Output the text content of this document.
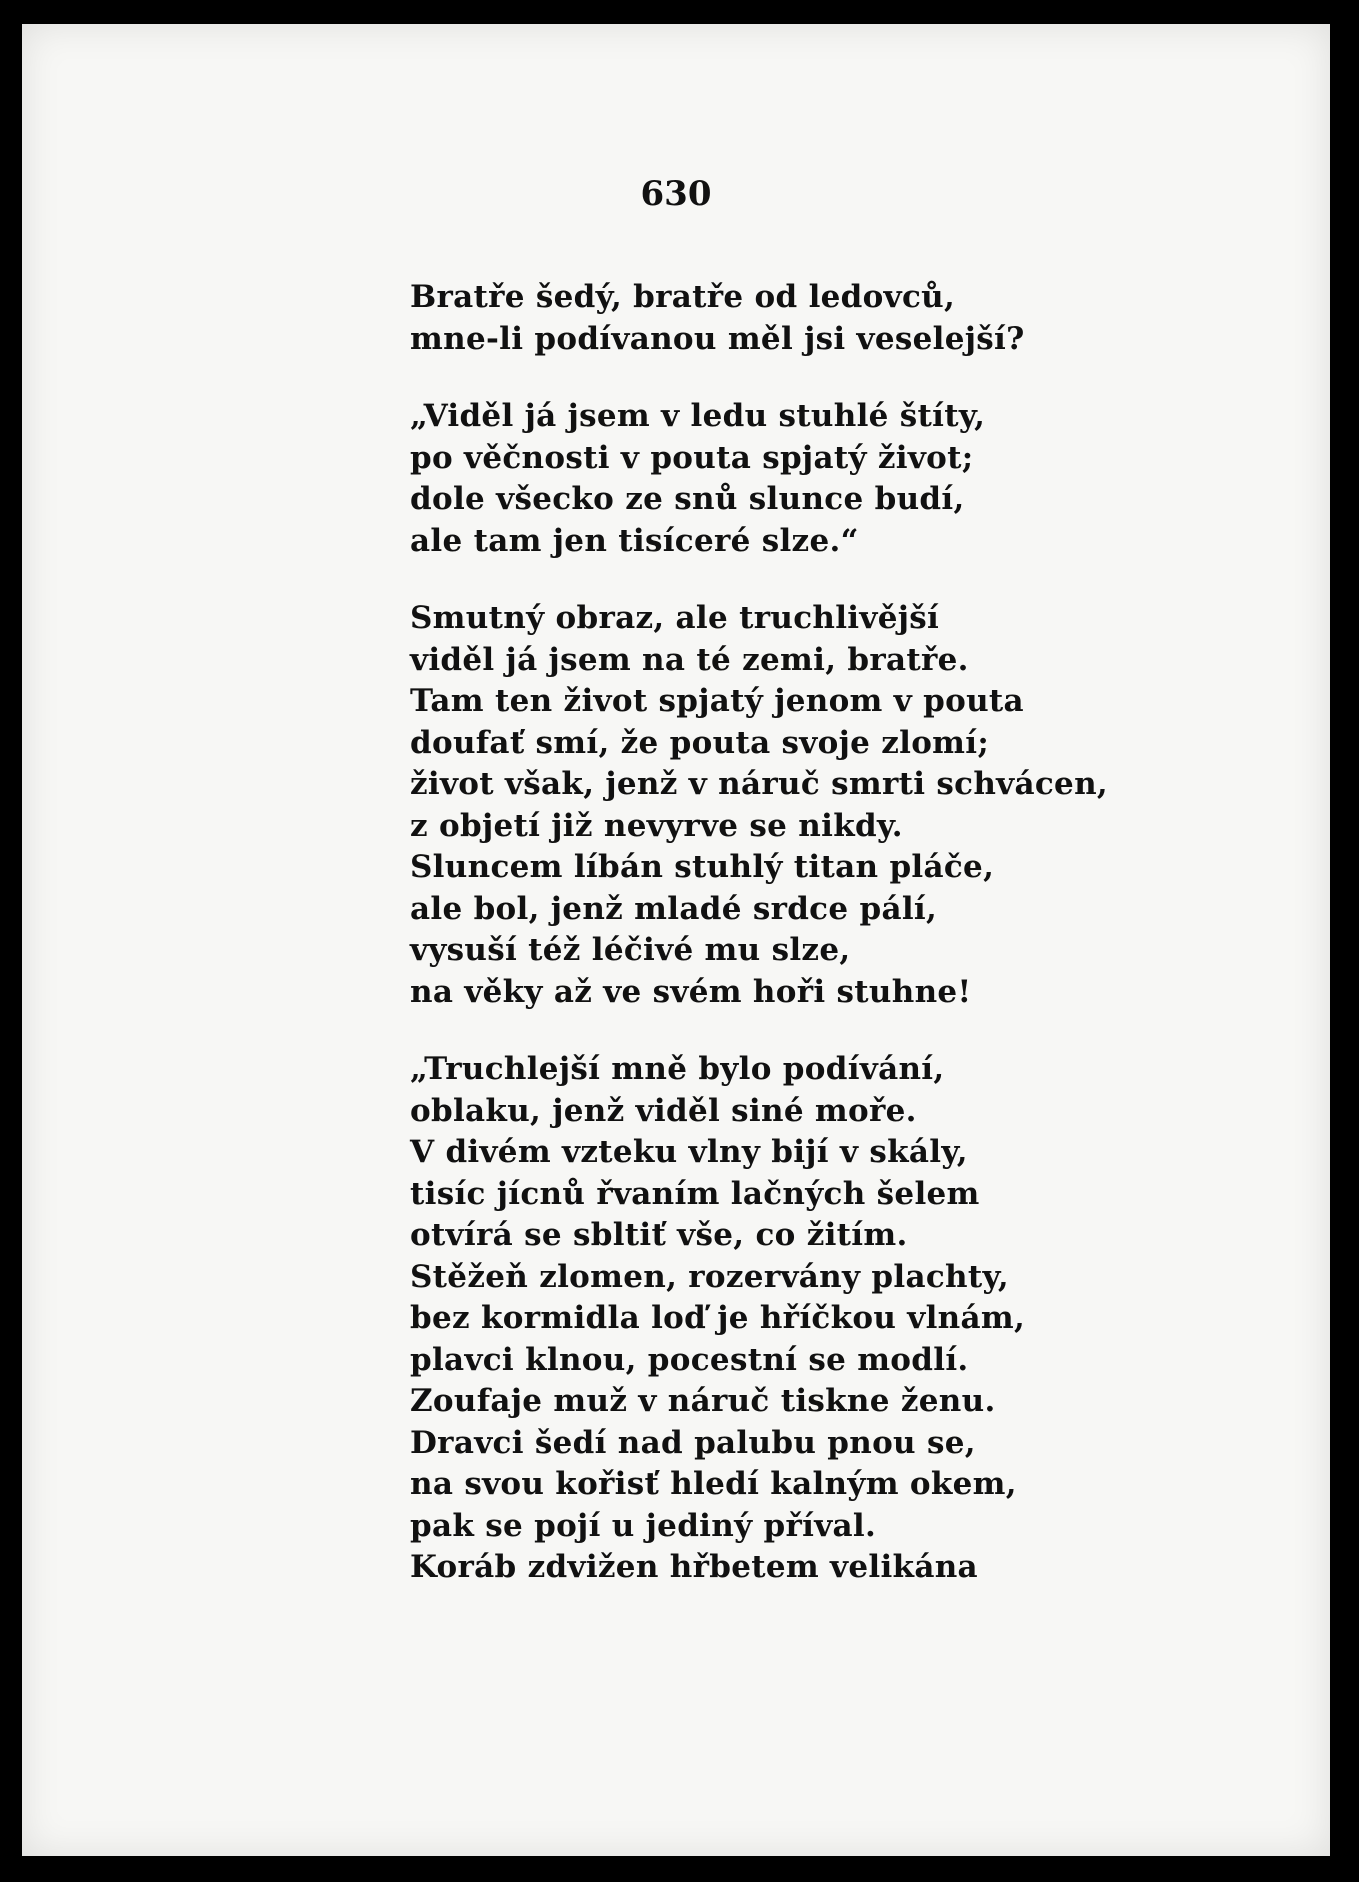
630
Bratře šedý, bratře od ledovců,
mne-li podívanou měl jsi veselejší?
„Viděl já jsem v ledu stuhlé štíty,
po věčnosti v pouta spjatý život;
dole všecko ze snů slunce budí,
ale tam jen tisíceré slze.“
Smutný obraz, ale truchlivější
viděl já jsem na té zemi, bratře.
Tam ten život spjatý jenom v pouta
doufať smí, že pouta svoje zlomí;
život však, jenž v náruč smrti schvácen,
z objetí již nevyrve se nikdy.
Sluncem líbán stuhlý titan pláče,
ale bol, jenž mladé srdce pálí,
vysuší též léčivé mu slze,
na věky až ve svém hoři stuhne!
„Truchlejší mně bylo podívání,
oblaku, jenž viděl siné moře.
V divém vzteku vlny bijí v skály,
tisíc jícnů řvaním lačných šelem
otvírá se sbltiť vše, co žitím.
Stěžeň zlomen, rozervány plachty,
bez kormidla loď je hříčkou vlnám,
plavci klnou, pocestní se modlí.
Zoufaje muž v náruč tiskne ženu.
Dravci šedí nad palubu pnou se,
na svou kořisť hledí kalným okem,
pak se pojí u jediný příval.
Koráb zdvižen hřbetem velikána
